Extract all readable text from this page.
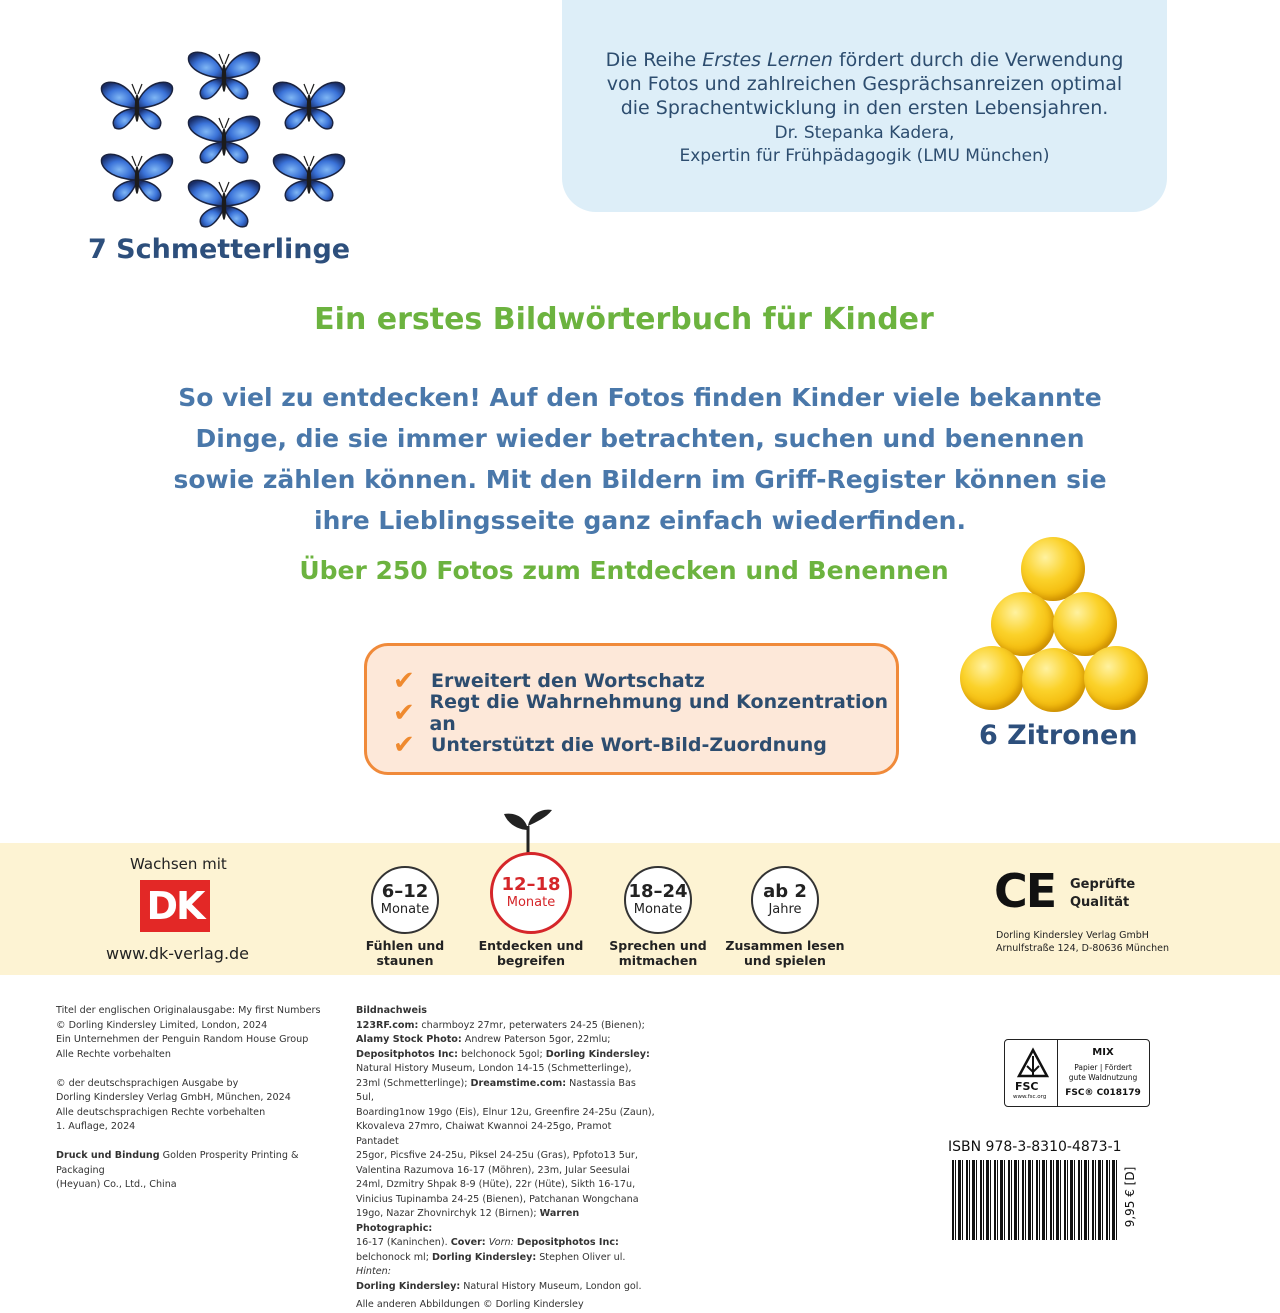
Die Reihe Erstes Lernen fördert durch die Verwendung

von Fotos und zahlreichen Gesprächsanreizen optimal

die Sprachentwicklung in den ersten Lebensjahren.

Dr. Stepanka Kadera,

Expertin für Frühpädagogik (LMU München)

7 Schmetterlinge
Ein erstes Bildwörterbuch für Kinder
So viel zu entdecken! Auf den Fotos finden Kinder viele bekannte
Dinge, die sie immer wieder betrachten, suchen und benennen
sowie zählen können. Mit den Bildern im Griff-Register können sie
ihre Lieblingsseite ganz einfach wiederfinden.
Über 250 Fotos zum Entdecken und Benennen
✔ Erweitert den Wortschatz
✔ Regt die Wahrnehmung und Konzentration an
✔ Unterstützt die Wort-Bild-Zuordnung	6 Zitronen
Wachsen mit
DK
www.dk-verlag.de
6–12
Monate
12–18
Monate
18–24
Monate
ab 2
Jahre
Fühlen und
staunen
Entdecken und
begreifen
Sprechen und
mitmachen
Zusammen lesen
und spielen
CE Geprüfte
Qualität
Dorling Kindersley Verlag GmbH
Arnulfstraße 124, D-80636 München

Titel der englischen Originalausgabe: My first Numbers

© Dorling Kindersley Limited, London, 2024

Ein Unternehmen der Penguin Random House Group

Alle Rechte vorbehalten

© der deutschsprachigen Ausgabe by

Dorling Kindersley Verlag GmbH, München, 2024

Alle deutschsprachigen Rechte vorbehalten

1. Auflage, 2024

Druck und Bindung Golden Prosperity Printing & Packaging

(Heyuan) Co., Ltd., China

Bildnachweis

123RF.com: charmboyz 27mr, peterwaters 24-25 (Bienen);

Alamy Stock Photo: Andrew Paterson 5gor, 22mlu;

Depositphotos Inc: belchonock 5gol; Dorling Kindersley:

Natural History Museum, London 14-15 (Schmetterlinge),

23ml (Schmetterlinge); Dreamstime.com: Nastassia Bas 5ul,

Boarding1now 19go (Eis), Elnur 12u, Greenfire 24-25u (Zaun),

Kkovaleva 27mro, Chaiwat Kwannoi 24-25go, Pramot Pantadet

25gor, Picsfive 24-25u, Piksel 24-25u (Gras), Ppfoto13 5ur,

Valentina Razumova 16-17 (Möhren), 23m, Jular Seesulai

24ml, Dzmitry Shpak 8-9 (Hüte), 22r (Hüte), Sikth 16-17u,

Vinicius Tupinamba 24-25 (Bienen), Patchanan Wongchana

19go, Nazar Zhovnirchyk 12 (Birnen); Warren Photographic:

16-17 (Kaninchen). Cover: Vorn: Depositphotos Inc:

belchonock ml; Dorling Kindersley: Stephen Oliver ul. Hinten:

Dorling Kindersley: Natural History Museum, London gol.

Alle anderen Abbildungen © Dorling Kindersley

FSC
www.fsc.org
MIX
Papier | Fördert
gute Waldnutzung
FSC® C018179
ISBN 978-3-8310-4873-1
9,95 € [D]
